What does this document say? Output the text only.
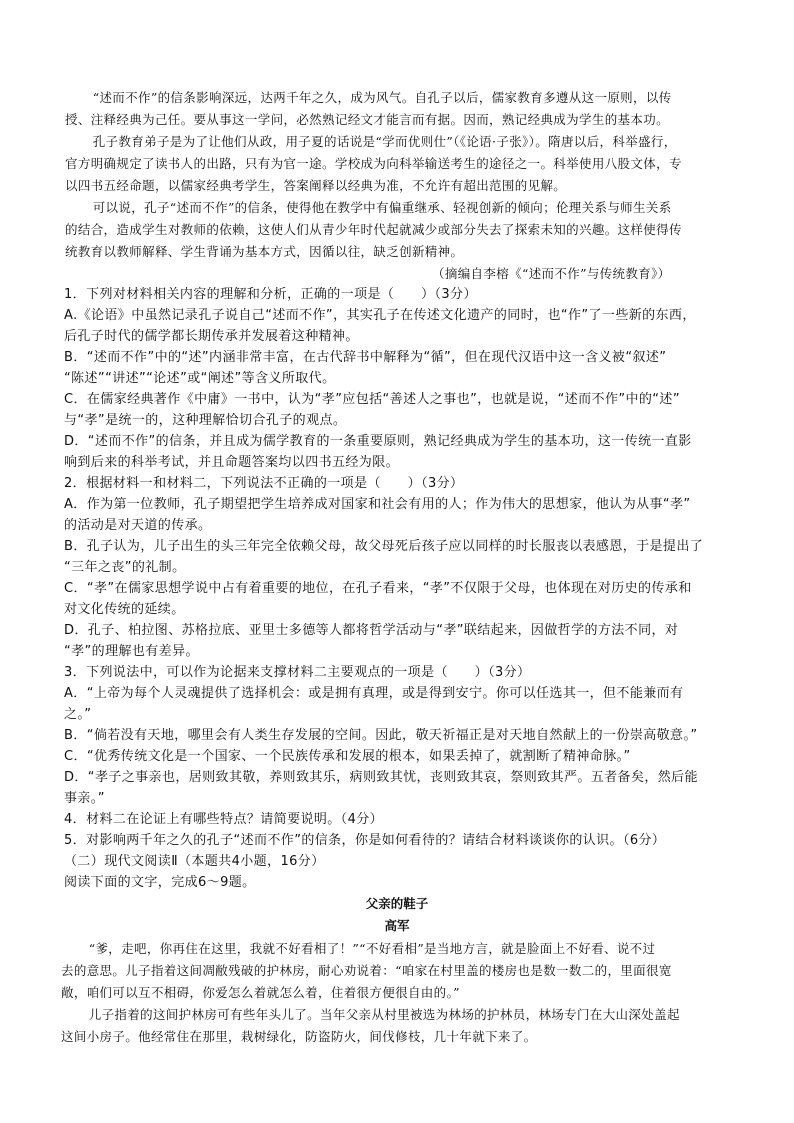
　　“述而不作”的信条影响深远，达两千年之久，成为风气。自孔子以后，儒家教育多遵从这一原则，以传

授、注释经典为己任。要从事这一学问，必然熟记经文才能言而有据。因而，熟记经典成为学生的基本功。

　　孔子教育弟子是为了让他们从政，用子夏的话说是“学而优则仕”（《论语·子张》）。隋唐以后，科举盛行，

官方明确规定了读书人的出路，只有为官一途。学校成为向科举输送考生的途径之一。科举使用八股文体，专

以四书五经命题，以儒家经典考学生，答案阐释以经典为准，不允许有超出范围的见解。

　　可以说，孔子“述而不作”的信条，使得他在教学中有偏重继承、轻视创新的倾向；伦理关系与师生关系

的结合，造成学生对教师的依赖，这使人们从青少年时代起就减少或部分失去了探索未知的兴趣。这样使得传

统教育以教师解释、学生背诵为基本方式，因循以往，缺乏创新精神。

（摘编自李榕《“述而不作”与传统教育》）

1．下列对材料相关内容的理解和分析，正确的一项是（　　）（3分）

A.《论语》中虽然记录孔子说自己“述而不作”，其实孔子在传述文化遗产的同时，也“作”了一些新的东西，

后孔子时代的儒学都长期传承并发展着这种精神。

B．“述而不作”中的“述”内涵非常丰富，在古代辞书中解释为“循”，但在现代汉语中这一含义被“叙述”

“陈述”“讲述”“论述”或“阐述”等含义所取代。

C．在儒家经典著作《中庸》一书中，认为“孝”应包括“善述人之事也”，也就是说，“述而不作”中的“述”

与“孝”是统一的，这种理解恰切合孔子的观点。

D．“述而不作”的信条，并且成为儒学教育的一条重要原则，熟记经典成为学生的基本功，这一传统一直影

响到后来的科举考试，并且命题答案均以四书五经为限。

2．根据材料一和材料二，下列说法不正确的一项是（　　）（3分）

A．作为第一位教师，孔子期望把学生培养成对国家和社会有用的人；作为伟大的思想家，他认为从事“孝”

的活动是对天道的传承。

B．孔子认为，儿子出生的头三年完全依赖父母，故父母死后孩子应以同样的时长服丧以表感恩，于是提出了

“三年之丧”的礼制。

C．“孝”在儒家思想学说中占有着重要的地位，在孔子看来，“孝”不仅限于父母，也体现在对历史的传承和

对文化传统的延续。

D．孔子、柏拉图、苏格拉底、亚里士多德等人都将哲学活动与“孝”联结起来，因做哲学的方法不同，对

“孝”的理解也有差异。

3．下列说法中，可以作为论据来支撑材料二主要观点的一项是（　　）（3分）

A．“上帝为每个人灵魂提供了选择机会：或是拥有真理，或是得到安宁。你可以任选其一，但不能兼而有

之。”

B．“倘若没有天地，哪里会有人类生存发展的空间。因此，敬天祈福正是对天地自然献上的一份崇高敬意。”

C．“优秀传统文化是一个国家、一个民族传承和发展的根本，如果丢掉了，就割断了精神命脉。”

D．“孝子之事亲也，居则致其敬，养则致其乐，病则致其忧，丧则致其哀，祭则致其严。五者备矣，然后能

事亲。”

4．材料二在论证上有哪些特点？请简要说明。（4分）

5．对影响两千年之久的孔子“述而不作”的信条，你是如何看待的？请结合材料谈谈你的认识。（6分）

（二）现代文阅读Ⅱ（本题共4小题，16分）

阅读下面的文字，完成6～9题。

父亲的鞋子

高军

　　“爹，走吧，你再住在这里，我就不好看相了！”“不好看相”是当地方言，就是脸面上不好看、说不过

去的意思。儿子指着这间凋敝残破的护林房，耐心劝说着：“咱家在村里盖的楼房也是数一数二的，里面很宽

敞，咱们可以互不相碍，你爱怎么着就怎么着，住着很方便很自由的。”

　　儿子指着的这间护林房可有些年头儿了。当年父亲从村里被选为林场的护林员，林场专门在大山深处盖起

这间小房子。他经常住在那里，栽树绿化，防盗防火，间伐修枝，几十年就下来了。
